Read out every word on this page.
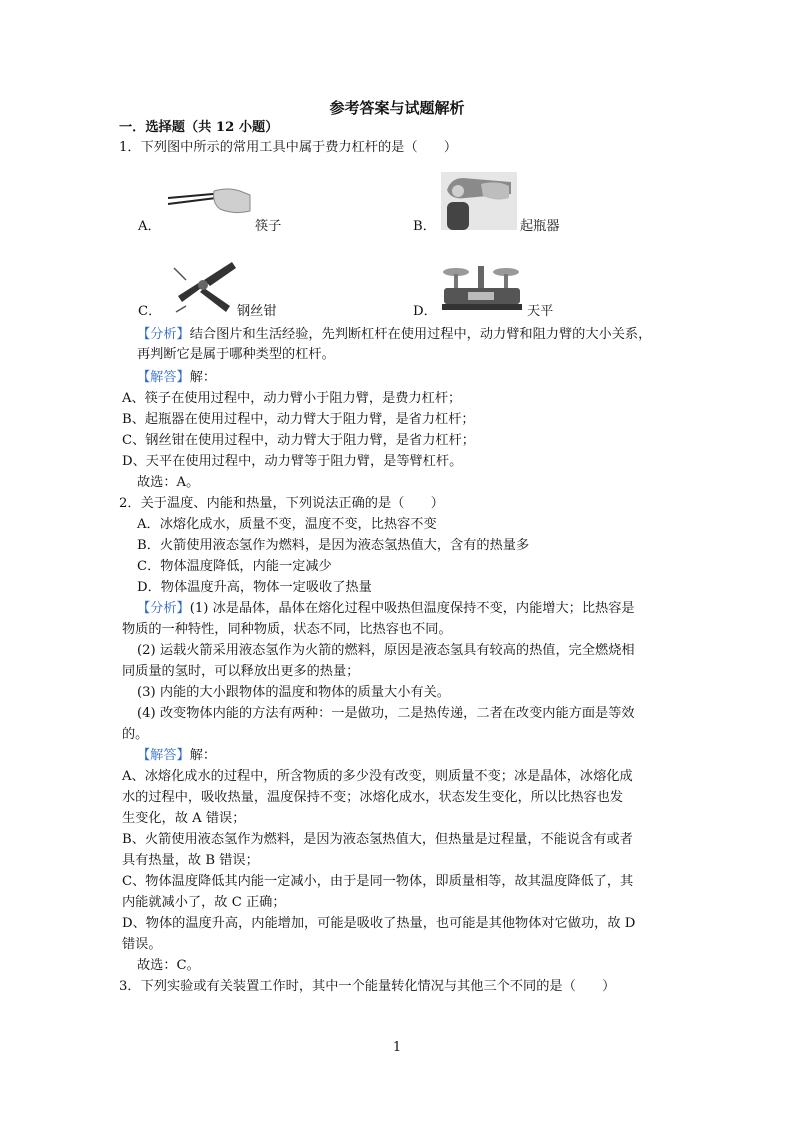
参考答案与试题解析
一．选择题（共 12 小题）
1．下列图中所示的常用工具中属于费力杠杆的是（　　）
A．	筷子	B．	起瓶器
C．	钢丝钳	D．	天平
【分析】结合图片和生活经验，先判断杠杆在使用过程中，动力臂和阻力臂的大小关系，
再判断它是属于哪种类型的杠杆。
【解答】解：
A、筷子在使用过程中，动力臂小于阻力臂，是费力杠杆；
B、起瓶器在使用过程中，动力臂大于阻力臂，是省力杠杆；
C、钢丝钳在使用过程中，动力臂大于阻力臂，是省力杠杆；
D、天平在使用过程中，动力臂等于阻力臂，是等臂杠杆。
故选：A。
2．关于温度、内能和热量，下列说法正确的是（　　）
A．冰熔化成水，质量不变，温度不变，比热容不变
B．火箭使用液态氢作为燃料，是因为液态氢热值大，含有的热量多
C．物体温度降低，内能一定减少
D．物体温度升高，物体一定吸收了热量
【分析】(1) 冰是晶体，晶体在熔化过程中吸热但温度保持不变，内能增大；比热容是
物质的一种特性，同种物质，状态不同，比热容也不同。
(2) 运载火箭采用液态氢作为火箭的燃料，原因是液态氢具有较高的热值，完全燃烧相
同质量的氢时，可以释放出更多的热量；
(3) 内能的大小跟物体的温度和物体的质量大小有关。
(4) 改变物体内能的方法有两种：一是做功，二是热传递，二者在改变内能方面是等效
的。
【解答】解：
A、冰熔化成水的过程中，所含物质的多少没有改变，则质量不变；冰是晶体，冰熔化成
水的过程中，吸收热量，温度保持不变；冰熔化成水，状态发生变化，所以比热容也发
生变化，故 A 错误；
B、火箭使用液态氢作为燃料，是因为液态氢热值大，但热量是过程量，不能说含有或者
具有热量，故 B 错误；
C、物体温度降低其内能一定减小，由于是同一物体，即质量相等，故其温度降低了，其
内能就减小了，故 C 正确；
D、物体的温度升高，内能增加，可能是吸收了热量，也可能是其他物体对它做功，故 D
错误。
故选：C。
3．下列实验或有关装置工作时，其中一个能量转化情况与其他三个不同的是（　　）
1
